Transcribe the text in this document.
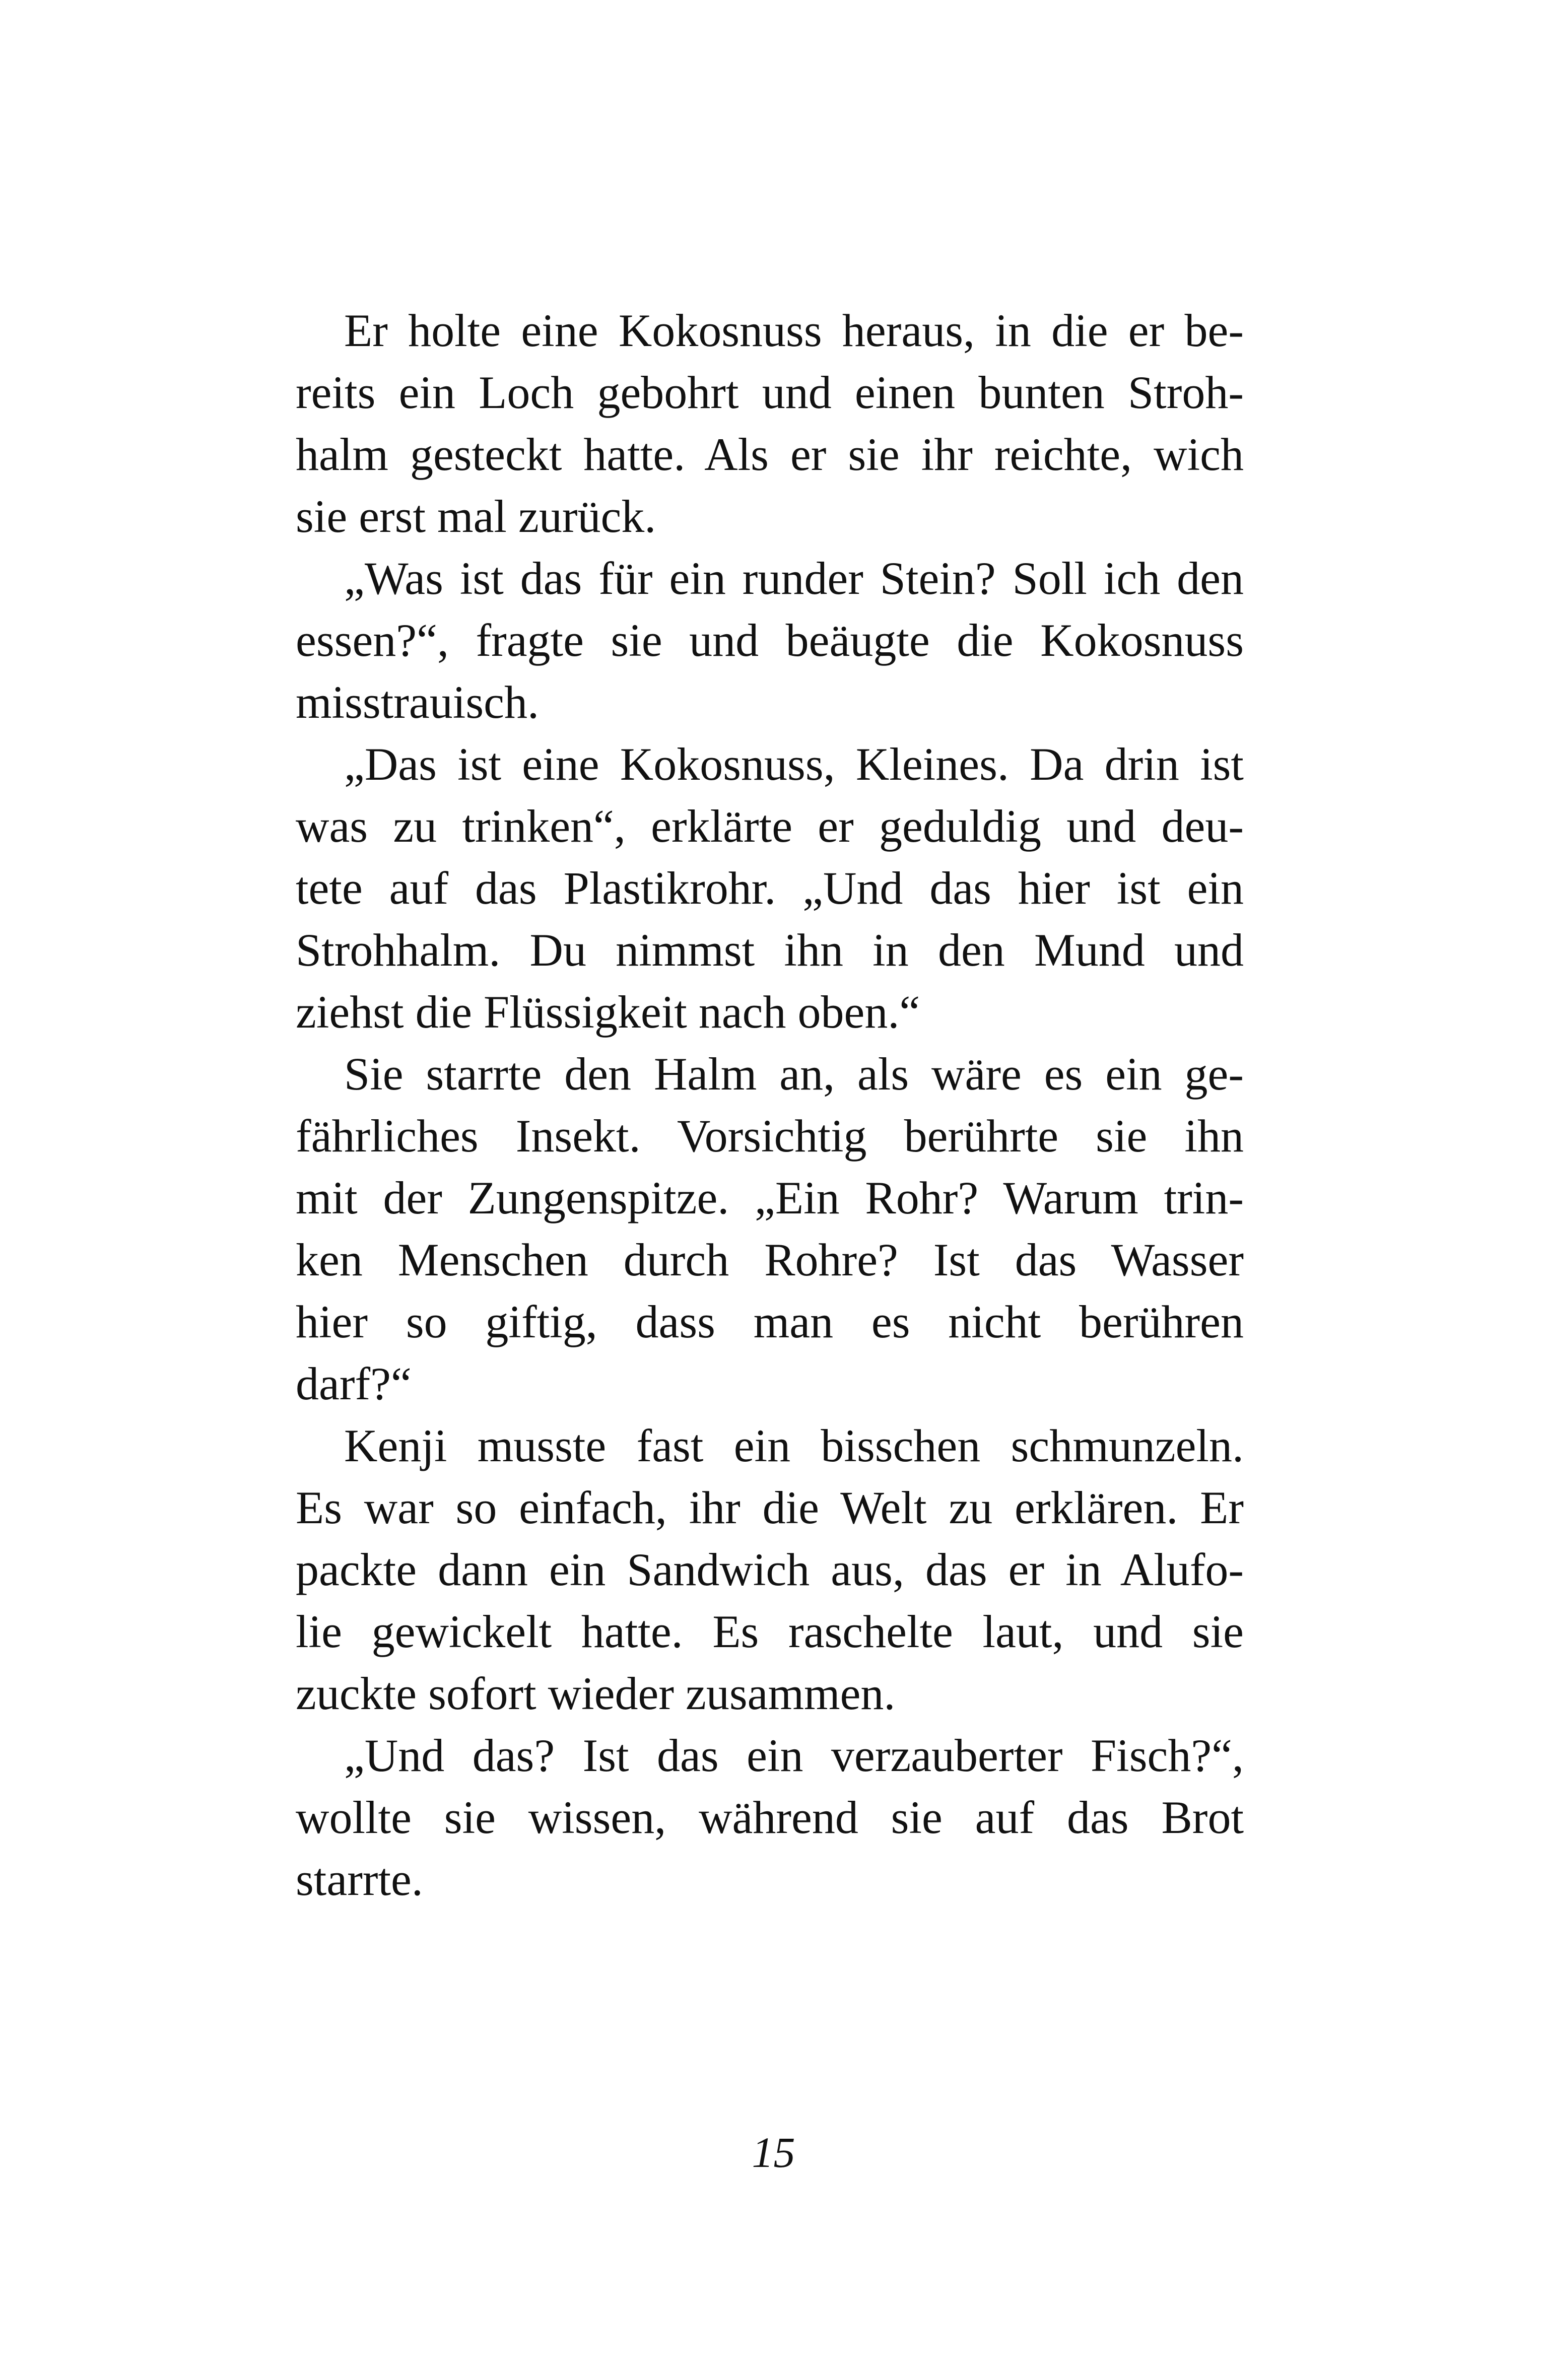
Er holte eine Kokosnuss heraus, in die er be-
reits ein Loch gebohrt und einen bunten Stroh-
halm gesteckt hatte. Als er sie ihr reichte, wich
sie erst mal zurück.
„Was ist das für ein runder Stein? Soll ich den
essen?“, fragte sie und beäugte die Kokosnuss
misstrauisch.
„Das ist eine Kokosnuss, Kleines. Da drin ist
was zu trinken“, erklärte er geduldig und deu-
tete auf das Plastikrohr. „Und das hier ist ein
Strohhalm. Du nimmst ihn in den Mund und
ziehst die Flüssigkeit nach oben.“
Sie starrte den Halm an, als wäre es ein ge-
fährliches Insekt. Vorsichtig berührte sie ihn
mit der Zungenspitze. „Ein Rohr? Warum trin-
ken Menschen durch Rohre? Ist das Wasser
hier so giftig, dass man es nicht berühren
darf?“
Kenji musste fast ein bisschen schmunzeln.
Es war so einfach, ihr die Welt zu erklären. Er
packte dann ein Sandwich aus, das er in Alufo-
lie gewickelt hatte. Es raschelte laut, und sie
zuckte sofort wieder zusammen.
„Und das? Ist das ein verzauberter Fisch?“,
wollte sie wissen, während sie auf das Brot
starrte.
15
